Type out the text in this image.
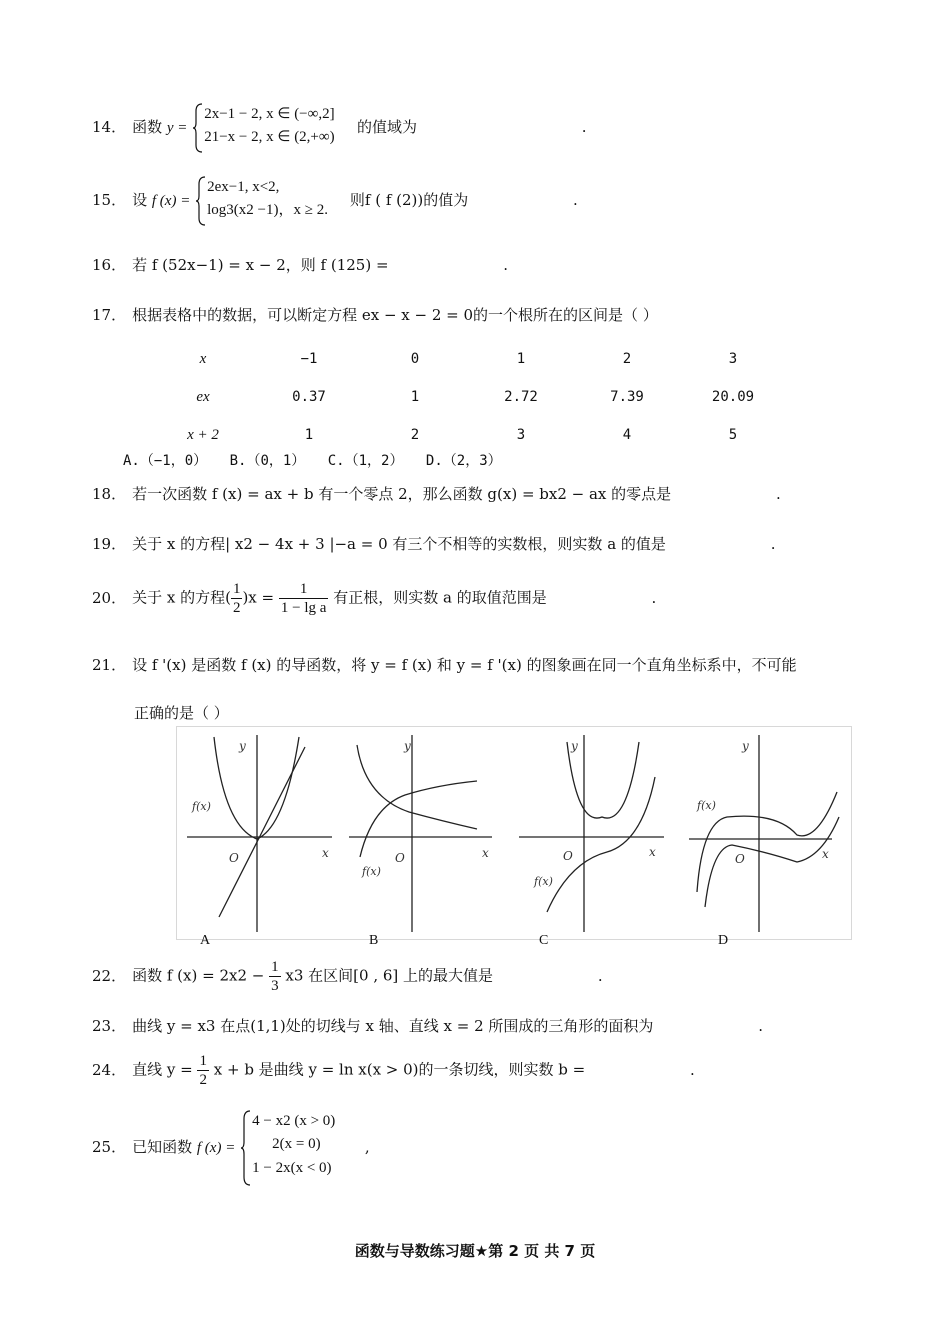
14． 函数 y =
2x−1 − 2, x ∈ (−∞,2]
21−x − 2, x ∈ (2,+∞) 的值域为	.
15． 设 f (x) =
2ex−1, x<2,
log3(x2 −1)，x ≥ 2. 则f ( f (2))的值为	.
16． 若 f (52x−1) = x − 2，则 f (125) =	.
17． 根据表格中的数据，可以断定方程 ex − x − 2 = 0的一个根所在的区间是（ ）
x	−1	0	1	2	3
ex	0.37	1	2.72	7.39	20.09
x + 2	1	2	3	4	5
A.（−1，0） B.（0，1） C.（1，2） D.（2，3）
18． 若一次函数 f (x) = ax + b 有一个零点 2，那么函数 g(x) = bx2 − ax 的零点是	.
19． 关于 x 的方程| x2 − 4x + 3 |−a = 0 有三个不相等的实数根，则实数 a 的值是	.
20． 关于 x 的方程( $\frac{1}{2} )x = \frac{1}{\text{1 − lg a}}$ 有正根，则实数 a 的取值范围是	.
21． 设 f '(x) 是函数 f (x) 的导函数，将 y = f (x) 和 y = f '(x) 的图象画在同一个直角坐标系中，不可能
正确的是（ ）
y
x
O
f(x)
y
x
O
f(x)
y
x
O
f(x)
y
x
O
f(x)
A	B	C	D
22． 函数 f $(x) = 2x2 - \frac{1}{3} x3$ 在区间[0 , 6] 上的最大值是	.
23． 曲线 y = x3 在点(1,1)处的切线与 x 轴、直线 x = 2 所围成的三角形的面积为	.
24． 直线 $y = \frac{1}{2}$ x + b 是曲线 y = ln x(x > 0)的一条切线，则实数 b =	.
25． 已知函数 f (x) =
4 − x2 (x > 0)
2(x = 0)
1 − 2x(x < 0) ,
函数与导数练习题★第 2 页 共 7 页
